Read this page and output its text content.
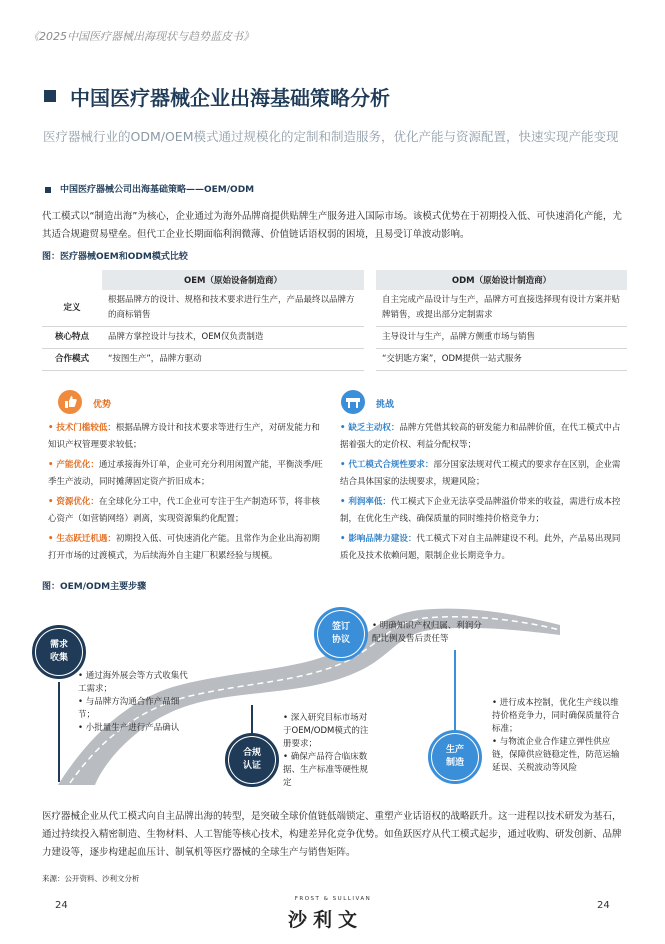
《2025中国医疗器械出海现状与趋势蓝皮书》
中国医疗器械企业出海基础策略分析
医疗器械行业的ODM/OEM模式通过规模化的定制和制造服务，优化产能与资源配置，快速实现产能变现
中国医疗器械公司出海基础策略——OEM/ODM
代工模式以“制造出海”为核心，企业通过为海外品牌商提供贴牌生产服务进入国际市场。该模式优势在于初期投入低、可快速消化产能，尤其适合规避贸易壁垒。但代工企业长期面临利润微薄、价值链话语权弱的困境，且易受订单波动影响。
图：医疗器械OEM和ODM模式比较
	OEM（原始设备制造商）		ODM（原始设计制造商）
定义	根据品牌方的设计、规格和技术要求进行生产，产品最终以品牌方的商标销售		自主完成产品设计与生产，品牌方可直接选择现有设计方案并贴牌销售，或提出部分定制需求
核心特点	品牌方掌控设计与技术，OEM仅负责制造		主导设计与生产，品牌方侧重市场与销售
合作模式	“按图生产”，品牌方驱动		“交钥匙方案”，ODM提供一站式服务
优势
• 技术门槛较低：根据品牌方设计和技术要求等进行生产，对研发能力和知识产权管理要求较低；
• 产能优化：通过承接海外订单，企业可充分利用闲置产能，平衡淡季/旺季生产波动，同时摊薄固定资产折旧成本；
• 资源优化：在全球化分工中，代工企业可专注于生产制造环节，将非核心资产（如营销网络）剥离，实现资源集约化配置；
• 生态跃迁机遇：初期投入低、可快速消化产能。且常作为企业出海初期打开市场的过渡模式，为后续海外自主建厂积累经验与规模。
挑战
• 缺乏主动权：品牌方凭借其较高的研发能力和品牌价值，在代工模式中占据着强大的定价权、利益分配权等；
• 代工模式合规性要求：部分国家法规对代工模式的要求存在区别，企业需结合具体国家的法规要求，规避风险；
• 利润率低：代工模式下企业无法享受品牌溢价带来的收益，需进行成本控制，在优化生产线、确保质量的同时维持价格竞争力；
• 影响品牌力建设：代工模式下对自主品牌建设不利。此外，产品易出现同质化及技术依赖问题，限制企业长期竞争力。
图：OEM/ODM主要步骤
需求
收集
• 通过海外展会等方式收集代工需求；
• 与品牌方沟通合作产品细节；
• 小批量生产进行产品确认
合规
认证
• 深入研究目标市场对于OEM/ODM模式的注册要求；
• 确保产品符合临床数据、生产标准等硬性规定
签订
协议
• 明确知识产权归属、利润分配比例及售后责任等
生产
制造
• 进行成本控制，优化生产线以维持价格竞争力，同时确保质量符合标准；
• 与物流企业合作建立弹性供应链，保障供应链稳定性，防范运输延误、关税波动等风险
医疗器械企业从代工模式向自主品牌出海的转型，是突破全球价值链低端锁定、重塑产业话语权的战略跃升。这一进程以技术研发为基石，通过持续投入精密制造、生物材料、人工智能等核心技术，构建差异化竞争优势。如鱼跃医疗从代工模式起步，通过收购、研发创新、品牌力建设等，逐步构建起血压计、制氧机等医疗器械的全球生产与销售矩阵。
来源：公开资料、沙利文分析
24	24
FROST & SULLIVAN
沙利文
